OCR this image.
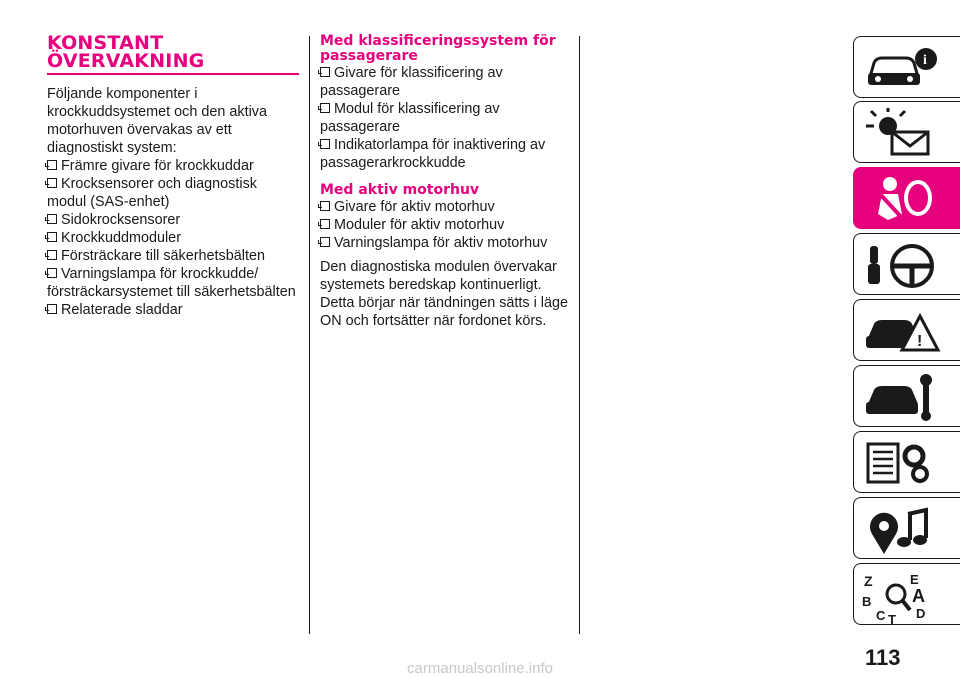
KONSTANT
ÖVERVAKNING

Följande komponenter i krockkuddsystemet och den aktiva motorhuven övervakas av ett diagnostiskt system:

Främre givare för krockkuddar
Krocksensorer och diagnostisk modul (SAS-enhet)
Sidokrocksensorer
Krockkuddmoduler
Försträckare till säkerhetsbälten
Varningslampa för krockkudde/ försträckarsystemet till säkerhetsbälten
Relaterade sladdar

Med klassificeringssystem för passagerare

Givare för klassificering av passagerare
Modul för klassificering av passagerare
Indikatorlampa för inaktivering av passagerarkrockkudde

Med aktiv motorhuv

Givare för aktiv motorhuv
Moduler för aktiv motorhuv
Varningslampa för aktiv motorhuv

Den diagnostiska modulen övervakar systemets beredskap kontinuerligt. Detta börjar när tändningen sätts i läge ON och fortsätter när fordonet körs.

i
!
Z	E
B A
D
C T
113
carmanualsonline.info
